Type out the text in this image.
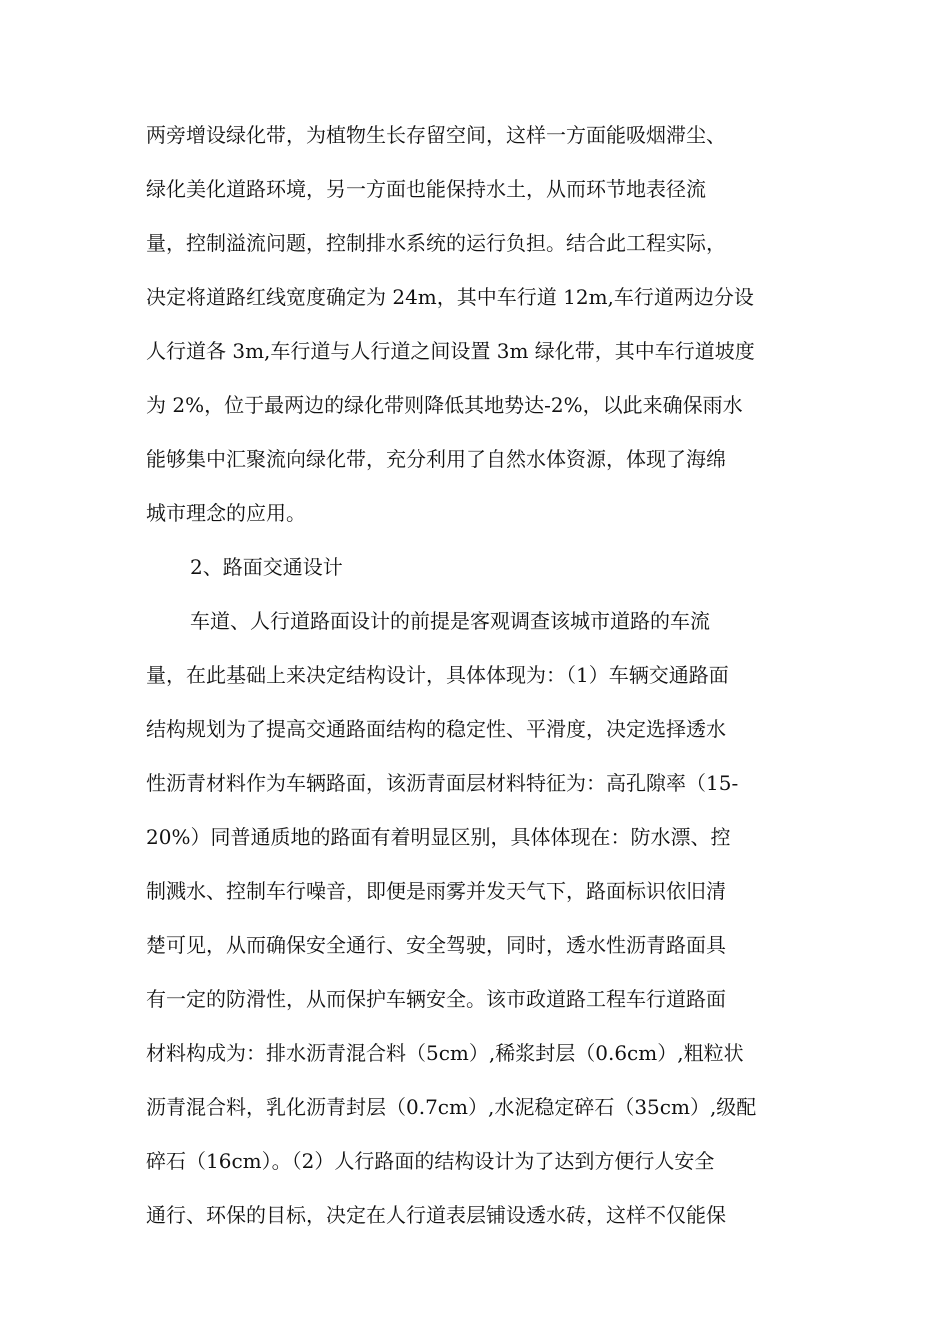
两旁增设绿化带，为植物生长存留空间，这样一方面能吸烟滞尘、
绿化美化道路环境，另一方面也能保持水土，从而环节地表径流
量，控制溢流问题，控制排水系统的运行负担。结合此工程实际，
决定将道路红线宽度确定为 24m，其中车行道 12m,车行道两边分设
人行道各 3m,车行道与人行道之间设置 3m 绿化带，其中车行道坡度
为 2%，位于最两边的绿化带则降低其地势达-2%，以此来确保雨水
能够集中汇聚流向绿化带，充分利用了自然水体资源，体现了海绵
城市理念的应用。
2、路面交通设计
车道、人行道路面设计的前提是客观调查该城市道路的车流
量，在此基础上来决定结构设计，具体体现为：（1）车辆交通路面
结构规划为了提高交通路面结构的稳定性、平滑度，决定选择透水
性沥青材料作为车辆路面，该沥青面层材料特征为：高孔隙率（15-
20%）同普通质地的路面有着明显区别，具体体现在：防水漂、控
制溅水、控制车行噪音，即便是雨雾并发天气下，路面标识依旧清
楚可见，从而确保安全通行、安全驾驶，同时，透水性沥青路面具
有一定的防滑性，从而保护车辆安全。该市政道路工程车行道路面
材料构成为：排水沥青混合料（5cm）,稀浆封层（0.6cm）,粗粒状
沥青混合料，乳化沥青封层（0.7cm）,水泥稳定碎石（35cm）,级配
碎石（16cm）。（2）人行路面的结构设计为了达到方便行人安全
通行、环保的目标，决定在人行道表层铺设透水砖，这样不仅能保
